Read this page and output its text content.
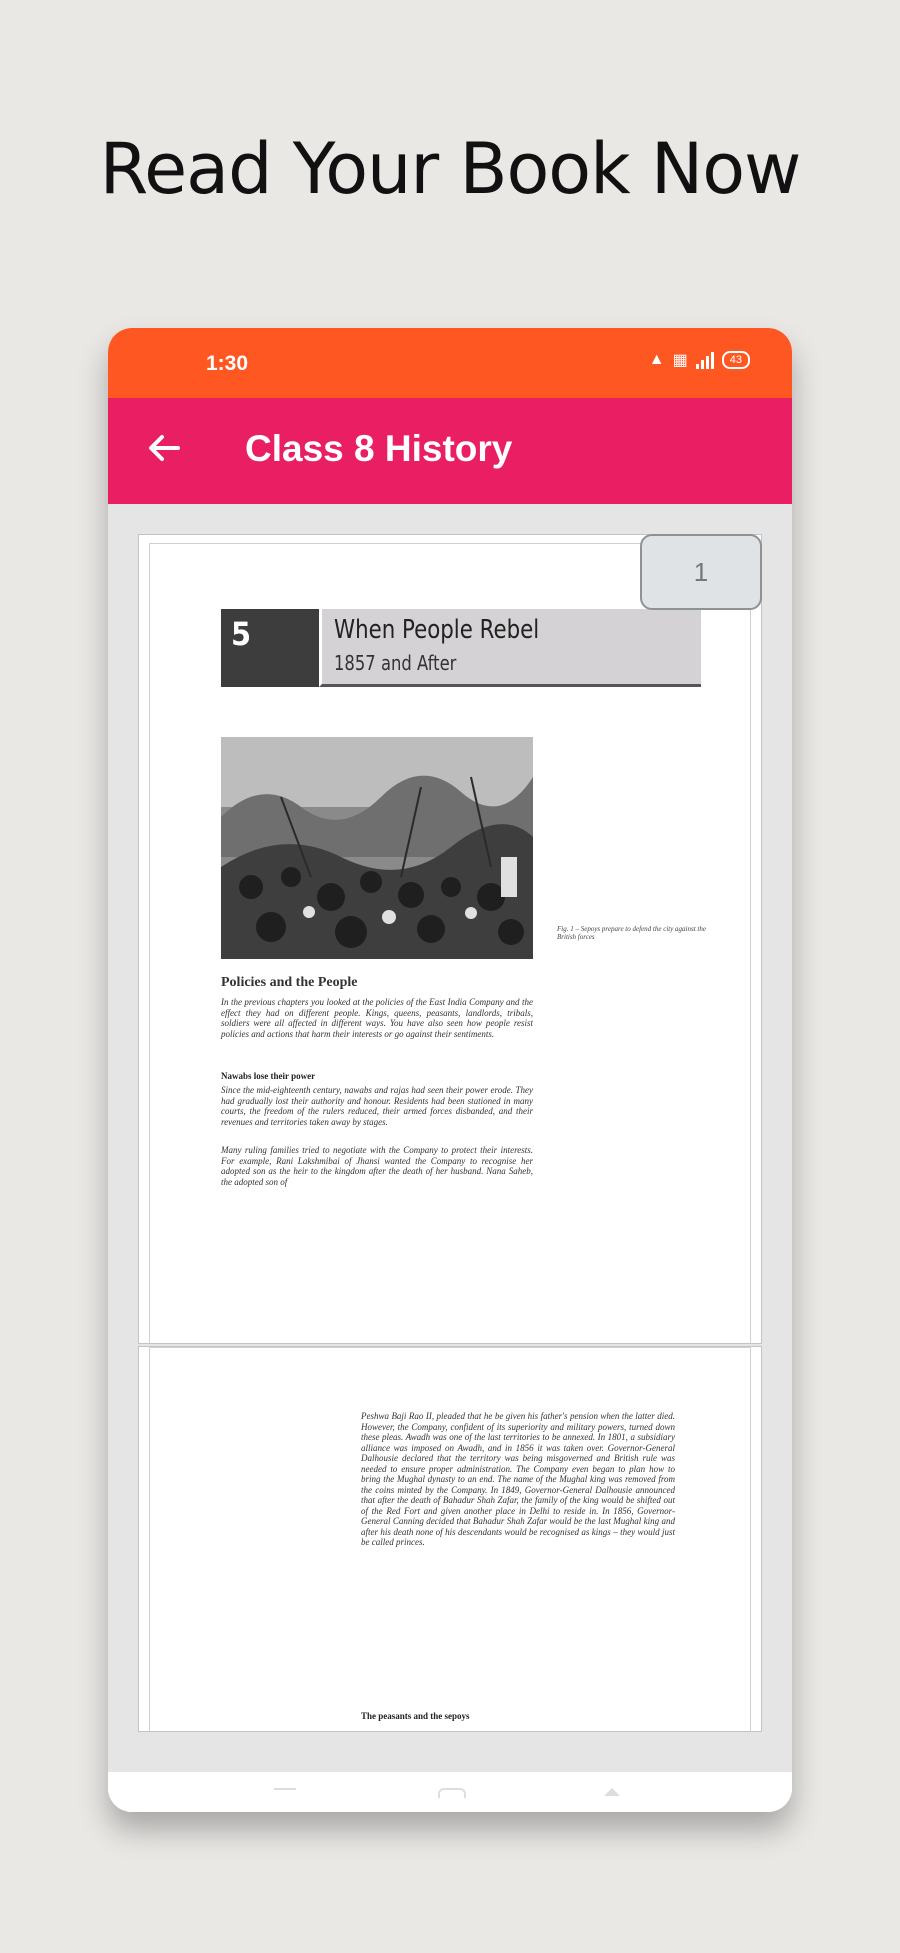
Read Your Book Now
1:30	▲ ▦	43
Class 8 History
5	When People Rebel
1857 and After
Fig. 1 – Sepoys prepare to defend the city against the British forces
Policies and the People
In the previous chapters you looked at the policies of the East India Company and the effect they had on different people. Kings, queens, peasants, landlords, tribals, soldiers were all affected in different ways. You have also seen how people resist policies and actions that harm their interests or go against their sentiments.
Nawabs lose their power
Since the mid-eighteenth century, nawabs and rajas had seen their power erode. They had gradually lost their authority and honour. Residents had been stationed in many courts, the freedom of the rulers reduced, their armed forces disbanded, and their revenues and territories taken away by stages.
Many ruling families tried to negotiate with the Company to protect their interests. For example, Rani Lakshmibai of Jhansi wanted the Company to recognise her adopted son as the heir to the kingdom after the death of her husband. Nana Saheb, the adopted son of
Peshwa Baji Rao II, pleaded that he be given his father's pension when the latter died. However, the Company, confident of its superiority and military powers, turned down these pleas. Awadh was one of the last territories to be annexed. In 1801, a subsidiary alliance was imposed on Awadh, and in 1856 it was taken over. Governor-General Dalhousie declared that the territory was being misgoverned and British rule was needed to ensure proper administration. The Company even began to plan how to bring the Mughal dynasty to an end. The name of the Mughal king was removed from the coins minted by the Company. In 1849, Governor-General Dalhousie announced that after the death of Bahadur Shah Zafar, the family of the king would be shifted out of the Red Fort and given another place in Delhi to reside in. In 1856, Governor-General Canning decided that Bahadur Shah Zafar would be the last Mughal king and after his death none of his descendants would be recognised as kings – they would just be called princes.
The peasants and the sepoys
1
